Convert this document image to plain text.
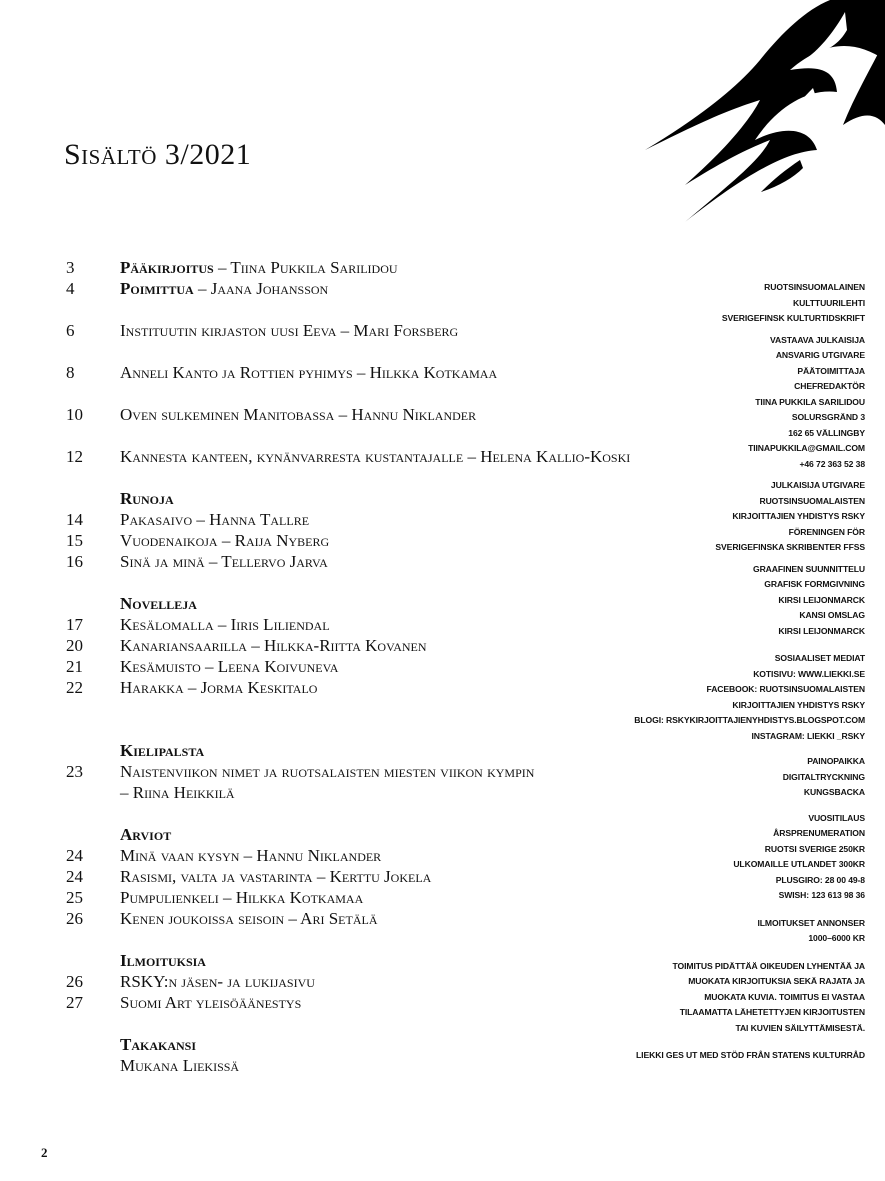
Sisältö 3/2021
3	Pääkirjoitus – Tiina Pukkila Sarilidou
4	Poimittua – Jaana Johansson
6	Instituutin kirjaston uusi Eeva – Mari Forsberg
8	Anneli Kanto ja Rottien pyhimys – Hilkka Kotkamaa
10	Oven sulkeminen Manitobassa – Hannu Niklander
12	Kannesta kanteen, kynänvarresta kustantajalle – Helena Kallio-Koski
Runoja
14	Pakasaivo – Hanna Tallre
15	Vuodenaikoja – Raija Nyberg
16	Sinä ja minä – Tellervo Jarva
Novelleja
17	Kesälomalla – Iiris Liliendal
20	Kanariansaarilla – Hilkka-Riitta Kovanen
21	Kesämuisto – Leena Koivuneva
22	Harakka – Jorma Keskitalo
Kielipalsta
23	Naistenviikon nimet ja ruotsalaisten miesten viikon kympin
– Riina Heikkilä
Arviot
24	Minä vaan kysyn – Hannu Niklander
24	Rasismi, valta ja vastarinta – Kerttu Jokela
25	Pumpulienkeli – Hilkka Kotkamaa
26	Kenen joukoissa seisoin – Ari Setälä
Ilmoituksia
26	RSKY:n jäsen- ja lukijasivu
27	Suomi Art yleisöäänestys
Takakansi
Mukana Liekissä
RUOTSINSUOMALAINEN
KULTTUURILEHTI
SVERIGEFINSK KULTURTIDSKRIFT
VASTAAVA JULKAISIJA
ANSVARIG UTGIVARE
PÄÄTOIMITTAJA
CHEFREDAKTÖR
TIINA PUKKILA SARILIDOU
SOLURSGRÄND 3
162 65 VÄLLINGBY
TIINAPUKKILA@GMAIL.COM
+46 72 363 52 38
JULKAISIJA UTGIVARE
RUOTSINSUOMALAISTEN
KIRJOITTAJIEN YHDISTYS RSKY
FÖRENINGEN FÖR
SVERIGEFINSKA SKRIBENTER FFSS
GRAAFINEN SUUNNITTELU
GRAFISK FORMGIVNING
KIRSI LEIJONMARCK
KANSI OMSLAG
KIRSI LEIJONMARCK
SOSIAALISET MEDIAT
KOTISIVU: WWW.LIEKKI.SE
FACEBOOK: RUOTSINSUOMALAISTEN
KIRJOITTAJIEN YHDISTYS RSKY
BLOGI: RSKYKIRJOITTAJIENYHDISTYS.BLOGSPOT.COM
INSTAGRAM: LIEKKI _RSKY
PAINOPAIKKA
DIGITALTRYCKNING
KUNGSBACKA
VUOSITILAUS
ÅRSPRENUMERATION
RUOTSI SVERIGE 250KR
ULKOMAILLE UTLANDET 300KR
PLUSGIRO: 28 00 49-8
SWISH: 123 613 98 36
ILMOITUKSET ANNONSER
1000–6000 KR
TOIMITUS PIDÄTTÄÄ OIKEUDEN LYHENTÄÄ JA
MUOKATA KIRJOITUKSIA SEKÄ RAJATA JA
MUOKATA KUVIA. TOIMITUS EI VASTAA
TILAAMATTA LÄHETETTYJEN KIRJOITUSTEN
TAI KUVIEN SÄILYTTÄMISESTÄ.
LIEKKI GES UT MED STÖD FRÅN STATENS KULTURRÅD
2
